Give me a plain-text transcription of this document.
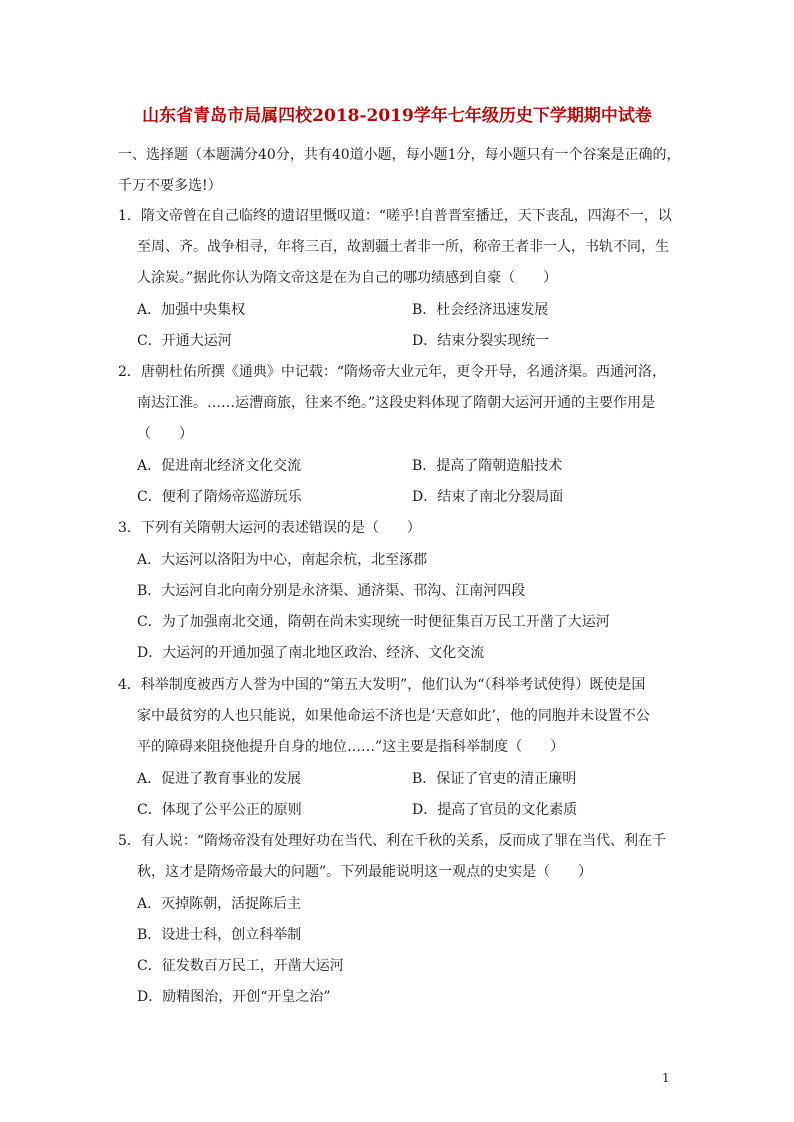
山东省青岛市局属四校2018-2019学年七年级历史下学期期中试卷
一、选择题（本题满分40分，共有40道小题，每小题1分，每小题只有一个谷案是正确的，
千万不要多选!）
1．隋文帝曾在自己临终的遗诏里慨叹道：“嗟乎!自普晋室播迁，天下丧乱，四海不一，以
至周、齐。战争相寻，年将三百，故割疆土者非一所，称帝王者非一人，书轨不同，生
人涂炭。”据此你认为隋文帝这是在为自己的哪功绩感到自豪（　　）
A．加强中央集权	B．杜会经济迅速发展
C．开通大运河	D．结束分裂实现统一
2．唐朝杜佑所撰《通典》中记载：“隋炀帝大业元年，更令开导，名通济渠。西通河洛，
南达江淮。……运漕商旅，往来不绝。”这段史料体现了隋朝大运河开通的主要作用是
（　　）
A．促进南北经济文化交流	B．提高了隋朝造船技术
C．便利了隋炀帝巡游玩乐	D．结束了南北分裂局面
3．下列有关隋朝大运河的表述错误的是（　　）
A．大运河以洛阳为中心，南起余杭，北至涿郡
B．大运河自北向南分别是永济渠、通济渠、邗沟、江南河四段
C．为了加强南北交通，隋朝在尚未实现统一时便征集百万民工开凿了大运河
D．大运河的开通加强了南北地区政治、经济、文化交流
4．科举制度被西方人誉为中国的“第五大发明”，他们认为“（科举考试使得）既使是国
家中最贫穷的人也只能说，如果他命运不济也是‘天意如此’，他的同胞并未设置不公
平的障碍来阻挠他提升自身的地位……”这主要是指科举制度（　　）
A．促进了教育事业的发展	B．保证了官吏的清正廉明
C．体现了公平公正的原则	D．提高了官员的文化素质
5．有人说：“隋炀帝没有处理好功在当代、利在千秋的关系，反而成了罪在当代、利在千
秋，这才是隋炀帝最大的问题”。下列最能说明这一观点的史实是（　　）
A．灭掉陈朝，活捉陈后主
B．设进士科，创立科举制
C．征发数百万民工，开凿大运河
D．励精图治，开创“开皇之治”
1
